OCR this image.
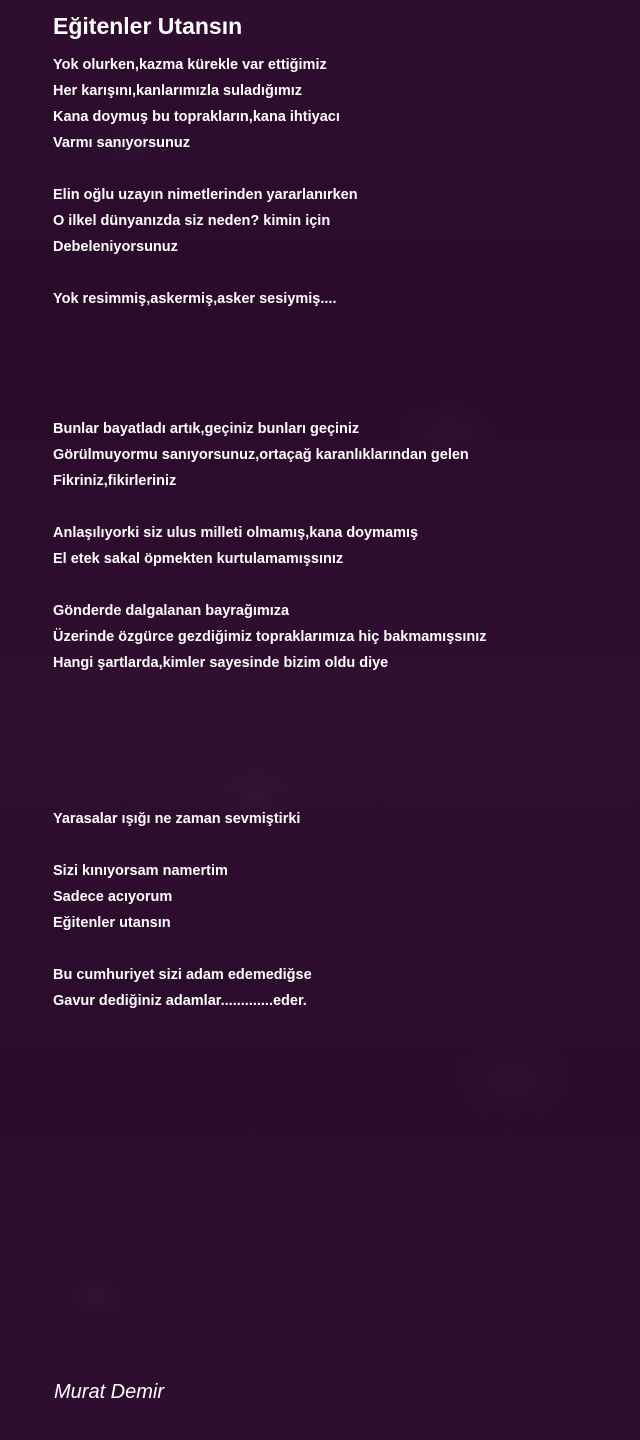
Eğitenler Utansın
Yok olurken,kazma kürekle var ettiğimiz
Her karışını,kanlarımızla suladığımız
Kana doymuş bu toprakların,kana ihtiyacı
Varmı sanıyorsunuz
Elin oğlu uzayın nimetlerinden yararlanırken
O ilkel dünyanızda siz neden? kimin için
Debeleniyorsunuz
Yok resimmiş,askermiş,asker sesiymiş....
Bunlar bayatladı artık,geçiniz bunları geçiniz
Görülmuyormu sanıyorsunuz,ortaçağ karanlıklarından gelen
Fikriniz,fikirleriniz
Anlaşılıyorki siz ulus milleti olmamış,kana doymamış
El etek sakal öpmekten kurtulamamışsınız
Gönderde dalgalanan bayrağımıza
Üzerinde özgürce gezdiğimiz topraklarımıza hiç bakmamışsınız
Hangi şartlarda,kimler sayesinde bizim oldu diye
Yarasalar ışığı ne zaman sevmiştirki
Sizi kınıyorsam namertim
Sadece acıyorum
Eğitenler utansın
Bu cumhuriyet sizi adam edemediğse
Gavur dediğiniz adamlar.............eder.
Murat Demir
